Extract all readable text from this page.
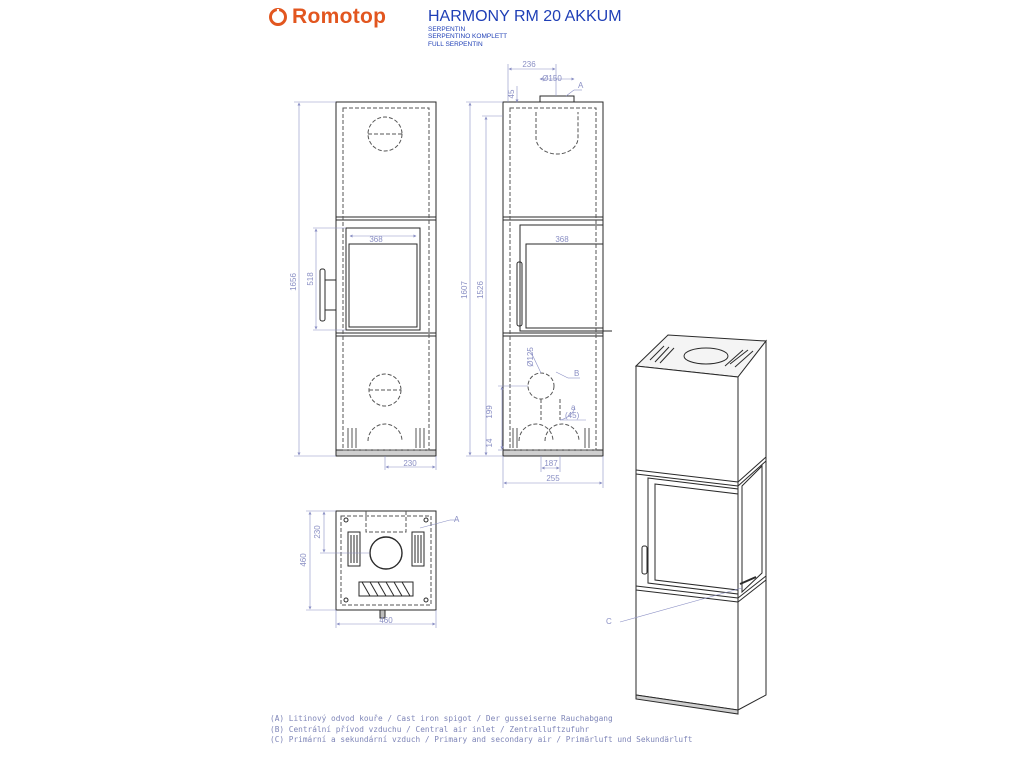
1656 518
368
230
236
Ø150
45
A
1607 1526
368
Ø125
B
a
(45)
199
14
187
255
460
230
460
A
C
Romotop	HARMONY RM 20 AKKUM
SERPENTIN
SERPENTINO KOMPLETT
FULL SERPENTIN
(A) Litinový odvod kouře / Cast iron spigot / Der gusseiserne Rauchabgang
(B) Centrální přívod vzduchu / Central air inlet / Zentralluftzufuhr
(C) Primární a sekundární vzduch / Primary and secondary air / Primärluft und Sekundärluft
